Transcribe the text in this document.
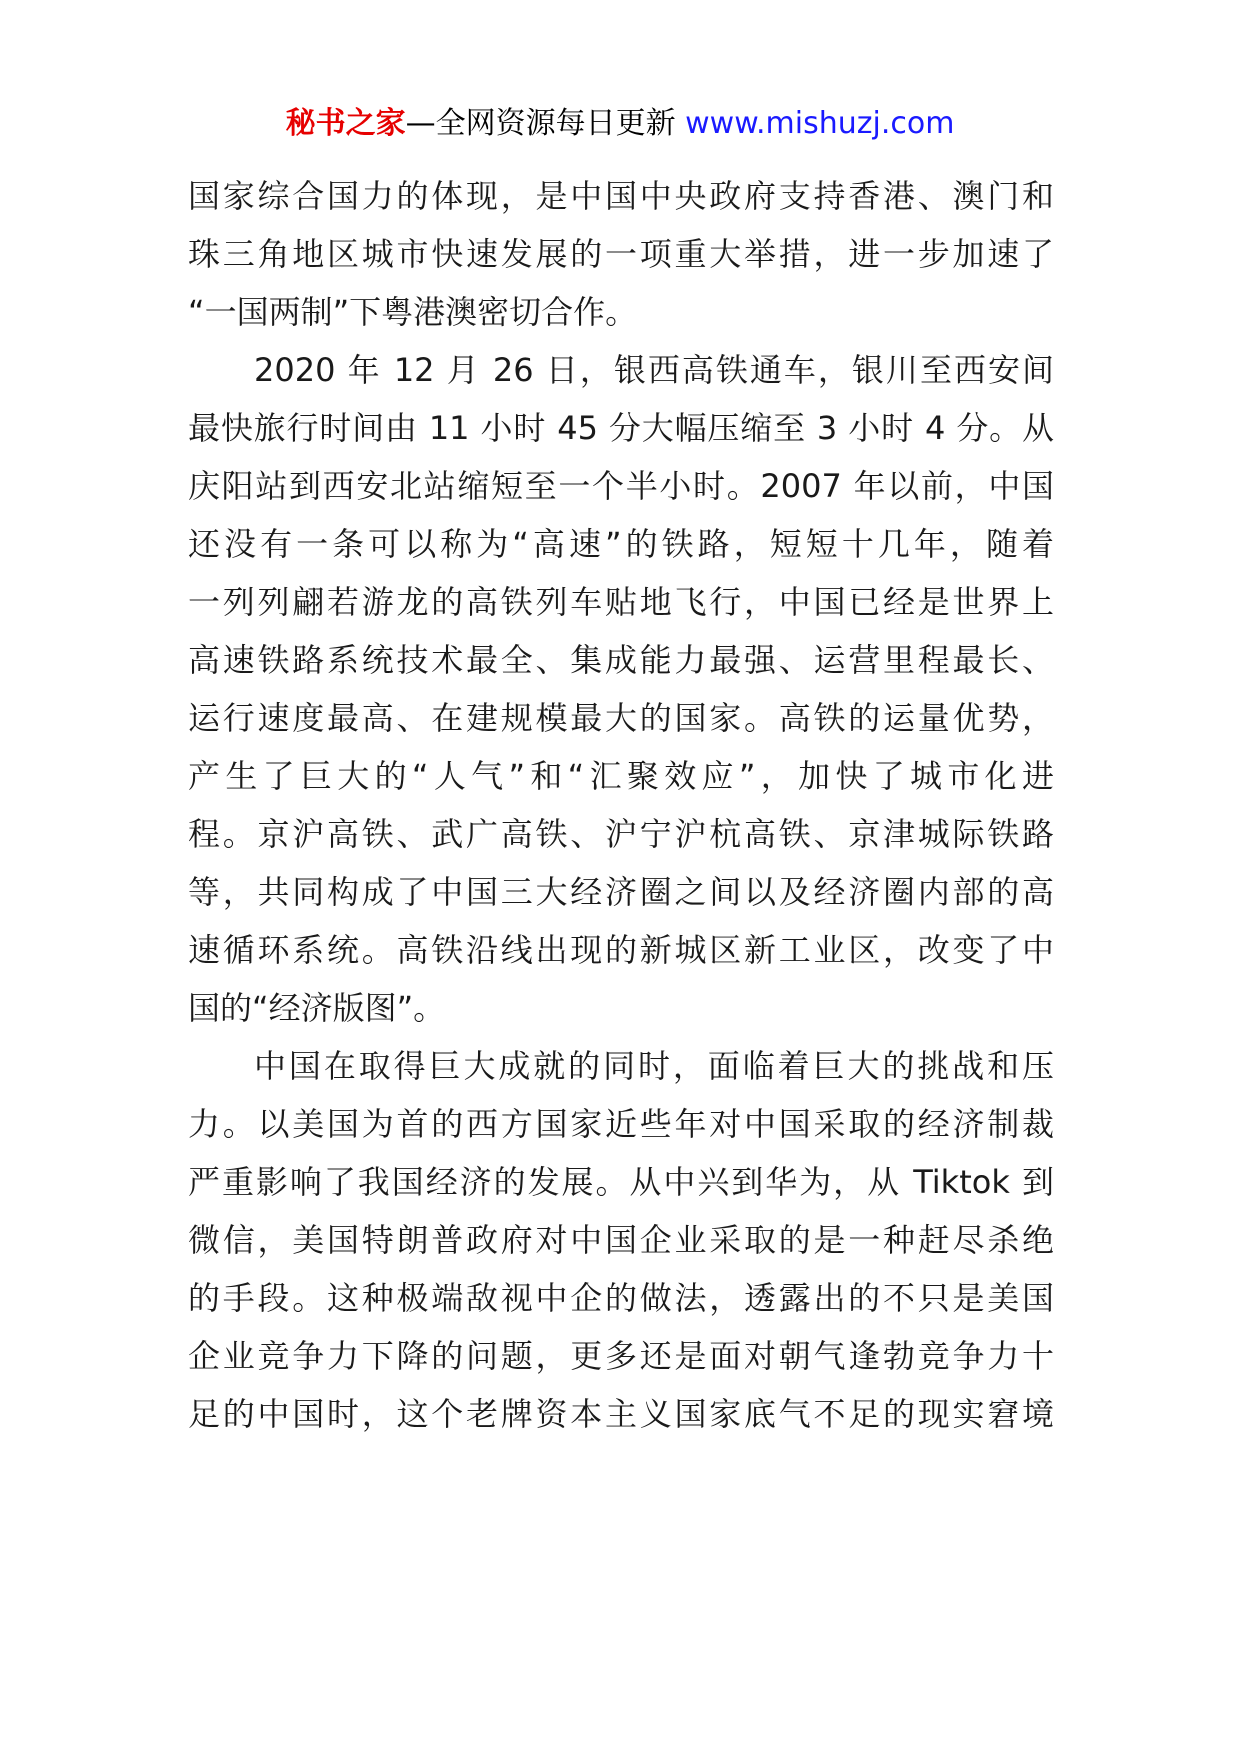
秘书之家—全网资源每日更新 www.mishuzj.com
国家综合国力的体现，是中国中央政府支持香港、澳门和
珠三角地区城市快速发展的一项重大举措，进一步加速了
“一国两制”下粤港澳密切合作。
2020 年 12 月 26 日，银西高铁通车，银川至西安间
最快旅行时间由 11 小时 45 分大幅压缩至 3 小时 4 分。从
庆阳站到西安北站缩短至一个半小时。2007 年以前，中国
还没有一条可以称为“高速”的铁路，短短十几年，随着
一列列翩若游龙的高铁列车贴地飞行，中国已经是世界上
高速铁路系统技术最全、集成能力最强、运营里程最长、
运行速度最高、在建规模最大的国家。高铁的运量优势，
产生了巨大的“人气”和“汇聚效应”，加快了城市化进
程。京沪高铁、武广高铁、沪宁沪杭高铁、京津城际铁路
等，共同构成了中国三大经济圈之间以及经济圈内部的高
速循环系统。高铁沿线出现的新城区新工业区，改变了中
国的“经济版图”。
中国在取得巨大成就的同时，面临着巨大的挑战和压
力。以美国为首的西方国家近些年对中国采取的经济制裁
严重影响了我国经济的发展。从中兴到华为，从 Tiktok 到
微信，美国特朗普政府对中国企业采取的是一种赶尽杀绝
的手段。这种极端敌视中企的做法，透露出的不只是美国
企业竞争力下降的问题，更多还是面对朝气逢勃竞争力十
足的中国时，这个老牌资本主义国家底气不足的现实窘境
